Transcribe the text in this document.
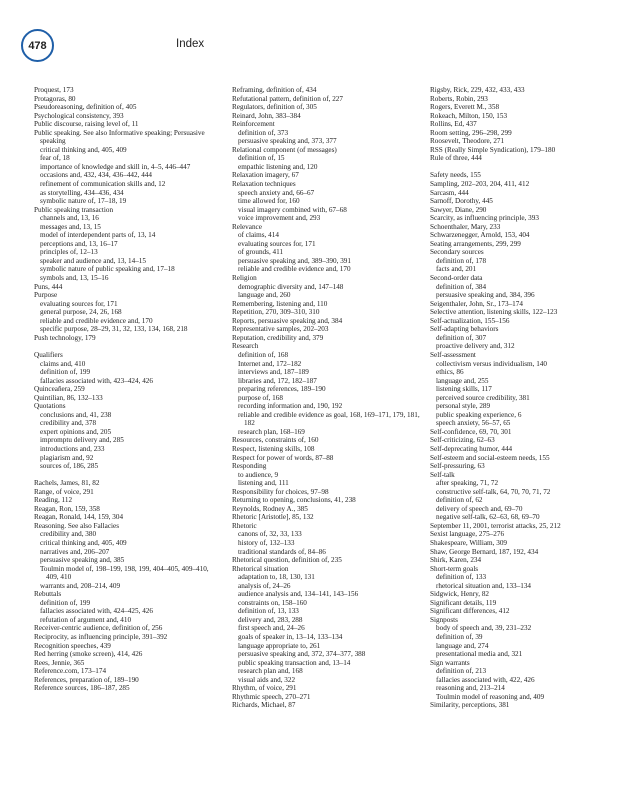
478	Index
Proquest, 173
Protagoras, 80
Pseudoreasoning, definition of, 405
Psychological consistency, 393
Public discourse, raising level of, 11
Public speaking. See also Informative speaking; Persuasive speaking
critical thinking and, 405, 409
fear of, 18
importance of knowledge and skill in, 4–5, 446–447
occasions and, 432, 434, 436–442, 444
refinement of communication skills and, 12
as storytelling, 434–436, 434
symbolic nature of, 17–18, 19
Public speaking transaction
channels and, 13, 16
messages and, 13, 15
model of interdependent parts of, 13, 14
perceptions and, 13, 16–17
principles of, 12–13
speaker and audience and, 13, 14–15
symbolic nature of public speaking and, 17–18
symbols and, 13, 15–16
Puns, 444
Purpose
evaluating sources for, 171
general purpose, 24, 26, 168
reliable and credible evidence and, 170
specific purpose, 28–29, 31, 32, 133, 134, 168, 218
Push technology, 179
Qualifiers
claims and, 410
definition of, 199
fallacies associated with, 423–424, 426
Quinceañera, 259
Quintilian, 86, 132–133
Quotations
conclusions and, 41, 238
credibility and, 378
expert opinions and, 205
impromptu delivery and, 285
introductions and, 233
plagiarism and, 92
sources of, 186, 285
Rachels, James, 81, 82
Range, of voice, 291
Reading, 112
Reagan, Ron, 159, 358
Reagan, Ronald, 144, 159, 304
Reasoning. See also Fallacies
credibility and, 380
critical thinking and, 405, 409
narratives and, 206–207
persuasive speaking and, 385
Toulmin model of, 198–199, 198, 199, 404–405, 409–410, 409, 410
warrants and, 208–214, 409
Rebuttals
definition of, 199
fallacies associated with, 424–425, 426
refutation of argument and, 410
Receiver-centric audience, definition of, 256
Reciprocity, as influencing principle, 391–392
Recognition speeches, 439
Red herring (smoke screen), 414, 426
Rees, Jennie, 365
Reference.com, 173–174
References, preparation of, 189–190
Reference sources, 186–187, 285
Reframing, definition of, 434
Refutational pattern, definition of, 227
Regulators, definition of, 305
Reinard, John, 383–384
Reinforcement
definition of, 373
persuasive speaking and, 373, 377
Relational component (of messages)
definition of, 15
empathic listening and, 120
Relaxation imagery, 67
Relaxation techniques
speech anxiety and, 66–67
time allowed for, 160
visual imagery combined with, 67–68
voice improvement and, 293
Relevance
of claims, 414
evaluating sources for, 171
of grounds, 411
persuasive speaking and, 389–390, 391
reliable and credible evidence and, 170
Religion
demographic diversity and, 147–148
language and, 260
Remembering, listening and, 110
Repetition, 270, 309–310, 310
Reports, persuasive speaking and, 384
Representative samples, 202–203
Reputation, credibility and, 379
Research
definition of, 168
Internet and, 172–182
interviews and, 187–189
libraries and, 172, 182–187
preparing references, 189–190
purpose of, 168
recording information and, 190, 192
reliable and credible evidence as goal, 168, 169–171, 179, 181, 182
research plan, 168–169
Resources, constraints of, 160
Respect, listening skills, 108
Respect for power of words, 87–88
Responding
to audience, 9
listening and, 111
Responsibility for choices, 97–98
Returning to opening, conclusions, 41, 238
Reynolds, Rodney A., 385
Rhetoric [Aristotle], 85, 132
Rhetoric
canons of, 32, 33, 133
history of, 132–133
traditional standards of, 84–86
Rhetorical question, definition of, 235
Rhetorical situation
adaptation to, 18, 130, 131
analysis of, 24–26
audience analysis and, 134–141, 143–156
constraints on, 158–160
definition of, 13, 133
delivery and, 283, 288
first speech and, 24–26
goals of speaker in, 13–14, 133–134
language appropriate to, 261
persuasive speaking and, 372, 374–377, 388
public speaking transaction and, 13–14
research plan and, 168
visual aids and, 322
Rhythm, of voice, 291
Rhythmic speech, 270–271
Richards, Michael, 87
Rigsby, Rick, 229, 432, 433, 433
Roberts, Robin, 293
Rogers, Everett M., 358
Rokeach, Milton, 150, 153
Rollins, Ed, 437
Room setting, 296–298, 299
Roosevelt, Theodore, 271
RSS (Really Simple Syndication), 179–180
Rule of three, 444
Safety needs, 155
Sampling, 202–203, 204, 411, 412
Sarcasm, 444
Sarnoff, Dorothy, 445
Sawyer, Diane, 290
Scarcity, as influencing principle, 393
Schoenthaler, Mary, 233
Schwarzenegger, Arnold, 153, 404
Seating arrangements, 299, 299
Secondary sources
definition of, 178
facts and, 201
Second-order data
definition of, 384
persuasive speaking and, 384, 396
Seigenthaler, John, Sr., 173–174
Selective attention, listening skills, 122–123
Self-actualization, 155–156
Self-adapting behaviors
definition of, 307
proactive delivery and, 312
Self-assessment
collectivism versus individualism, 140
ethics, 86
language and, 255
listening skills, 117
perceived source credibility, 381
personal style, 289
public speaking experience, 6
speech anxiety, 56–57, 65
Self-confidence, 69, 70, 301
Self-criticizing, 62–63
Self-deprecating humor, 444
Self-esteem and social-esteem needs, 155
Self-pressuring, 63
Self-talk
after speaking, 71, 72
constructive self-talk, 64, 70, 70, 71, 72
definition of, 62
delivery of speech and, 69–70
negative self-talk, 62–63, 68, 69–70
September 11, 2001, terrorist attacks, 25, 212
Sexist language, 275–276
Shakespeare, William, 309
Shaw, George Bernard, 187, 192, 434
Shirk, Karen, 234
Short-term goals
definition of, 133
rhetorical situation and, 133–134
Sidgwick, Henry, 82
Significant details, 119
Significant differences, 412
Signposts
body of speech and, 39, 231–232
definition of, 39
language and, 274
presentational media and, 321
Sign warrants
definition of, 213
fallacies associated with, 422, 426
reasoning and, 213–214
Toulmin model of reasoning and, 409
Similarity, perceptions, 381
